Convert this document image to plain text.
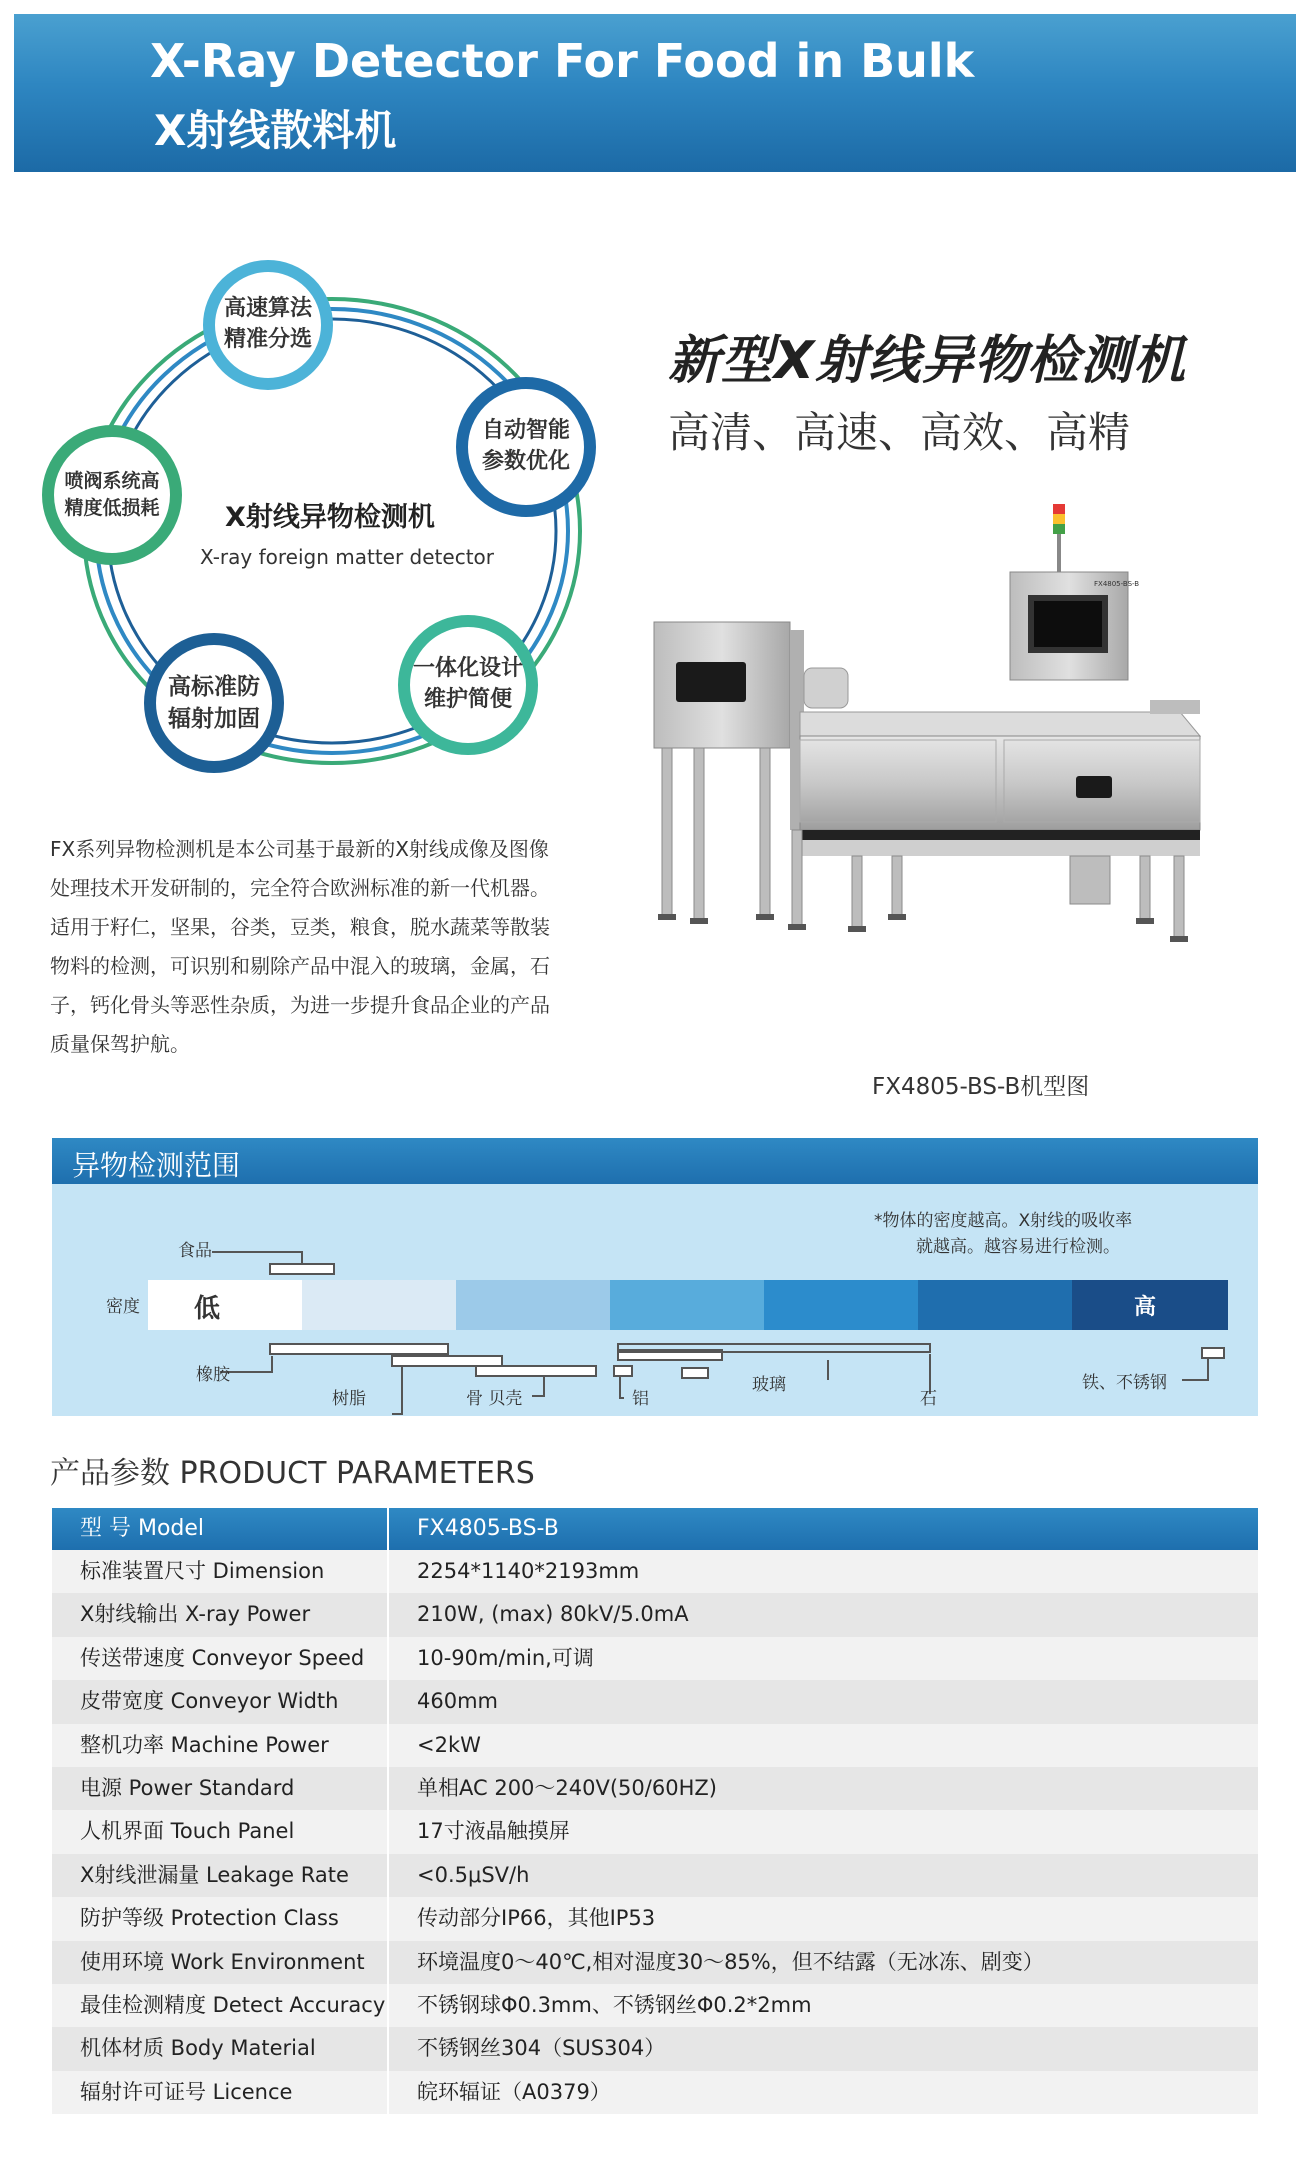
X-Ray Detector For Food in Bulk
X射线散料机
高速算法
精准分选
自动智能
参数优化
一体化设计
维护简便
高标准防
辐射加固
喷阀系统高
精度低损耗 X射线异物检测机
X-ray foreign matter detector
新型X射线异物检测机
高清、高速、高效、高精
FX4805-BS-B
FX4805-BS-B机型图

FX系列异物检测机是本公司基于最新的X射线成像及图像

处理技术开发研制的，完全符合欧洲标准的新一代机器。

适用于籽仁，坚果，谷类，豆类，粮食，脱水蔬菜等散装

物料的检测，可识别和剔除产品中混入的玻璃，金属，石

子，钙化骨头等恶性杂质，为进一步提升食品企业的产品

质量保驾护航。

异物检测范围
*物体的密度越高。X射线的吸收率
就越高。越容易进行检测。
密度 低	高
食品
橡胶
树脂	骨 贝壳	铝
玻璃
石
铁、不锈钢
产品参数 PRODUCT PARAMETERS
型 号 Model	FX4805-BS-B
标准装置尺寸 Dimension	2254*1140*2193mm
X射线输出 X-ray Power	210W, (max) 80kV/5.0mA
传送带速度 Conveyor Speed	10-90m/min,可调
皮带宽度 Conveyor Width	460mm
整机功率 Machine Power	<2kW
电源 Power Standard	单相AC 200～240V(50/60HZ)
人机界面 Touch Panel	17寸液晶触摸屏
X射线泄漏量 Leakage Rate	<0.5μSV/h
防护等级 Protection Class	传动部分IP66，其他IP53
使用环境 Work Environment	环境温度0～40℃,相对湿度30～85%，但不结露（无冰冻、剧变）
最佳检测精度 Detect Accuracy	不锈钢球Φ0.3mm、不锈钢丝Φ0.2*2mm
机体材质 Body Material	不锈钢丝304（SUS304）
辐射许可证号 Licence	皖环辐证（A0379）
